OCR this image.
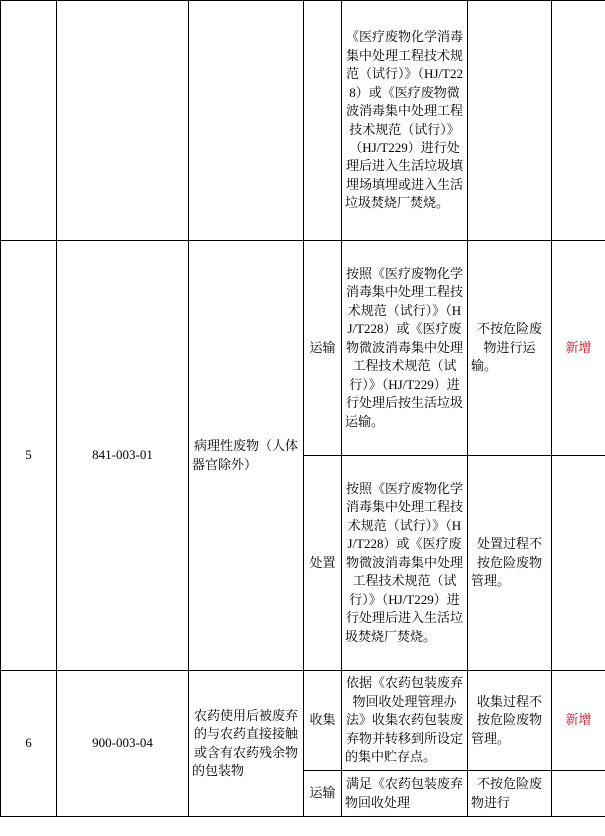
				《医疗废物化学消毒集中处理工程技术规范（试行）》（HJ/T228）或《医疗废物微波消毒集中处理工程技术规范（试行）》（HJ/T229）进行处理后进入生活垃圾填埋场填埋或进入生活垃圾焚烧厂焚烧。		
5	841-003-01	病理性废物（人体器官除外）	运输	按照《医疗废物化学消毒集中处理工程技术规范（试行）》（HJ/T228）或《医疗废物微波消毒集中处理工程技术规范（试行）》（HJ/T229）进行处理后按生活垃圾运输。	不按危险废物进行运输。	新增
			处置	按照《医疗废物化学消毒集中处理工程技术规范（试行）》（HJ/T228）或《医疗废物微波消毒集中处理工程技术规范（试行）》（HJ/T229）进行处理后进入生活垃圾焚烧厂焚烧。	处置过程不按危险废物管理。	
6	900-003-04	农药使用后被废弃的与农药直接接触或含有农药残余物的包装物	收集	依据《农药包装废弃物回收处理管理办法》收集农药包装废弃物并转移到所设定的集中贮存点。	收集过程不按危险废物管理。	新增
			运输	满足《农药包装废弃物回收处理	不按危险废物进行	
